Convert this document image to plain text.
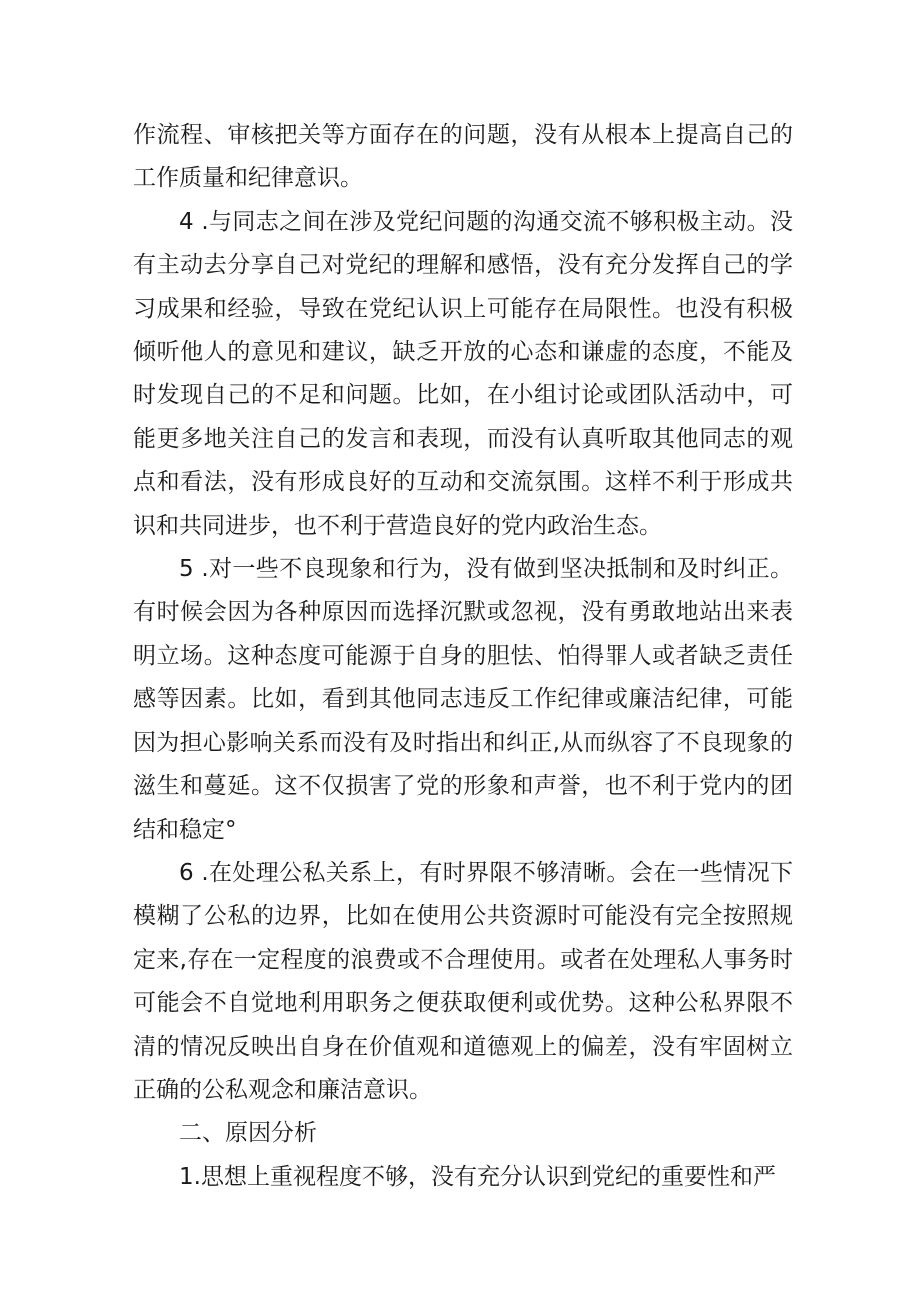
作流程、审核把关等方面存在的问题，没有从根本上提高自己的工作质量和纪律意识。

4 .与同志之间在涉及党纪问题的沟通交流不够积极主动。没有主动去分享自己对党纪的理解和感悟，没有充分发挥自己的学习成果和经验，导致在党纪认识上可能存在局限性。也没有积极倾听他人的意见和建议，缺乏开放的心态和谦虚的态度，不能及时发现自己的不足和问题。比如，在小组讨论或团队活动中，可能更多地关注自己的发言和表现，而没有认真听取其他同志的观点和看法，没有形成良好的互动和交流氛围。这样不利于形成共识和共同进步，也不利于营造良好的党内政治生态。

5 .对一些不良现象和行为，没有做到坚决抵制和及时纠正。有时候会因为各种原因而选择沉默或忽视，没有勇敢地站出来表明立场。这种态度可能源于自身的胆怯、怕得罪人或者缺乏责任感等因素。比如，看到其他同志违反工作纪律或廉洁纪律，可能因为担心影响关系而没有及时指出和纠正,从而纵容了不良现象的滋生和蔓延。这不仅损害了党的形象和声誉，也不利于党内的团结和稳定°

6 .在处理公私关系上，有时界限不够清晰。会在一些情况下模糊了公私的边界，比如在使用公共资源时可能没有完全按照规定来,存在一定程度的浪费或不合理使用。或者在处理私人事务时可能会不自觉地利用职务之便获取便利或优势。这种公私界限不清的情况反映出自身在价值观和道德观上的偏差，没有牢固树立正确的公私观念和廉洁意识。

二、原因分析

1.思想上重视程度不够，没有充分认识到党纪的重要性和严
